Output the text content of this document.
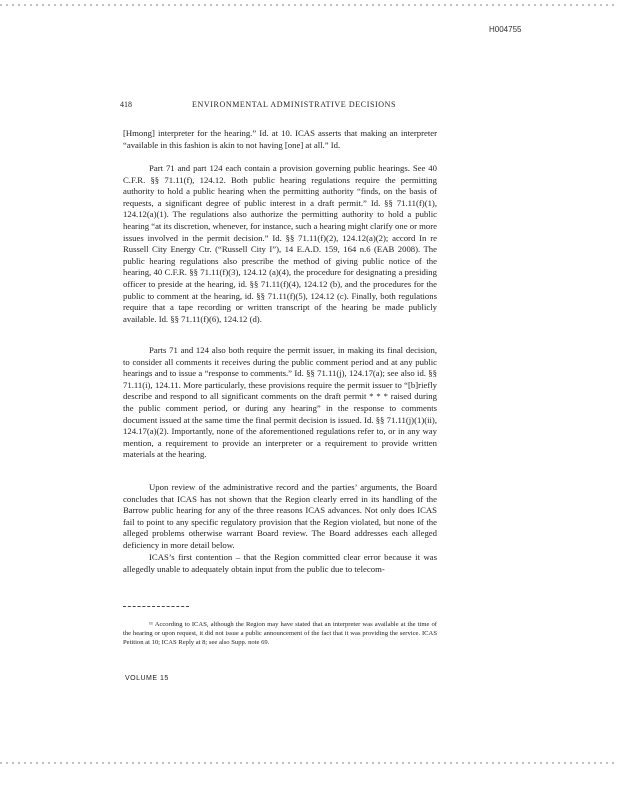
H004755
418	ENVIRONMENTAL ADMINISTRATIVE DECISIONS
[Hmong] interpreter for the hearing.” Id. at 10. ICAS asserts that making an interpreter “available in this fashion is akin to not having [one] at all.” Id.
Part 71 and part 124 each contain a provision governing public hearings. See 40 C.F.R. §§ 71.11(f), 124.12. Both public hearing regulations require the permitting authority to hold a public hearing when the permitting authority “finds, on the basis of requests, a significant degree of public interest in a draft permit.” Id. §§ 71.11(f)(1), 124.12(a)(1). The regulations also authorize the permitting authority to hold a public hearing “at its discretion, whenever, for instance, such a hearing might clarify one or more issues involved in the permit decision.” Id. §§ 71.11(f)(2), 124.12(a)(2); accord In re Russell City Energy Ctr. (“Russell City I”), 14 E.A.D. 159, 164 n.6 (EAB 2008). The public hearing regulations also prescribe the method of giving public notice of the hearing, 40 C.F.R. §§ 71.11(f)(3), 124.12 (a)(4), the procedure for designating a presiding officer to preside at the hearing, id. §§ 71.11(f)(4), 124.12 (b), and the procedures for the public to comment at the hearing, id. §§ 71.11(f)(5), 124.12 (c). Finally, both regulations require that a tape recording or written transcript of the hearing be made publicly available. Id. §§ 71.11(f)(6), 124.12 (d).
Parts 71 and 124 also both require the permit issuer, in making its final decision, to consider all comments it receives during the public comment period and at any public hearings and to issue a “response to comments.” Id. §§ 71.11(j), 124.17(a); see also id. §§ 71.11(i), 124.11. More particularly, these provisions require the permit issuer to “[b]riefly describe and respond to all significant comments on the draft permit * * * raised during the public comment period, or during any hearing” in the response to comments document issued at the same time the final permit decision is issued. Id. §§ 71.11(j)(1)(ii), 124.17(a)(2). Importantly, none of the aforementioned regulations refer to, or in any way mention, a requirement to provide an interpreter or a requirement to provide written materials at the hearing.
Upon review of the administrative record and the parties’ arguments, the Board concludes that ICAS has not shown that the Region clearly erred in its handling of the Barrow public hearing for any of the three reasons ICAS advances. Not only does ICAS fail to point to any specific regulatory provision that the Region violated, but none of the alleged problems otherwise warrant Board review. The Board addresses each alleged deficiency in more detail below.
ICAS’s first contention – that the Region committed clear error because it was allegedly unable to adequately obtain input from the public due to telecom-
¹¹ According to ICAS, although the Region may have stated that an interpreter was available at the time of the hearing or upon request, it did not issue a public announcement of the fact that it was providing the service. ICAS Petition at 10; ICAS Reply at 8; see also Supp. note 69.
VOLUME 15
